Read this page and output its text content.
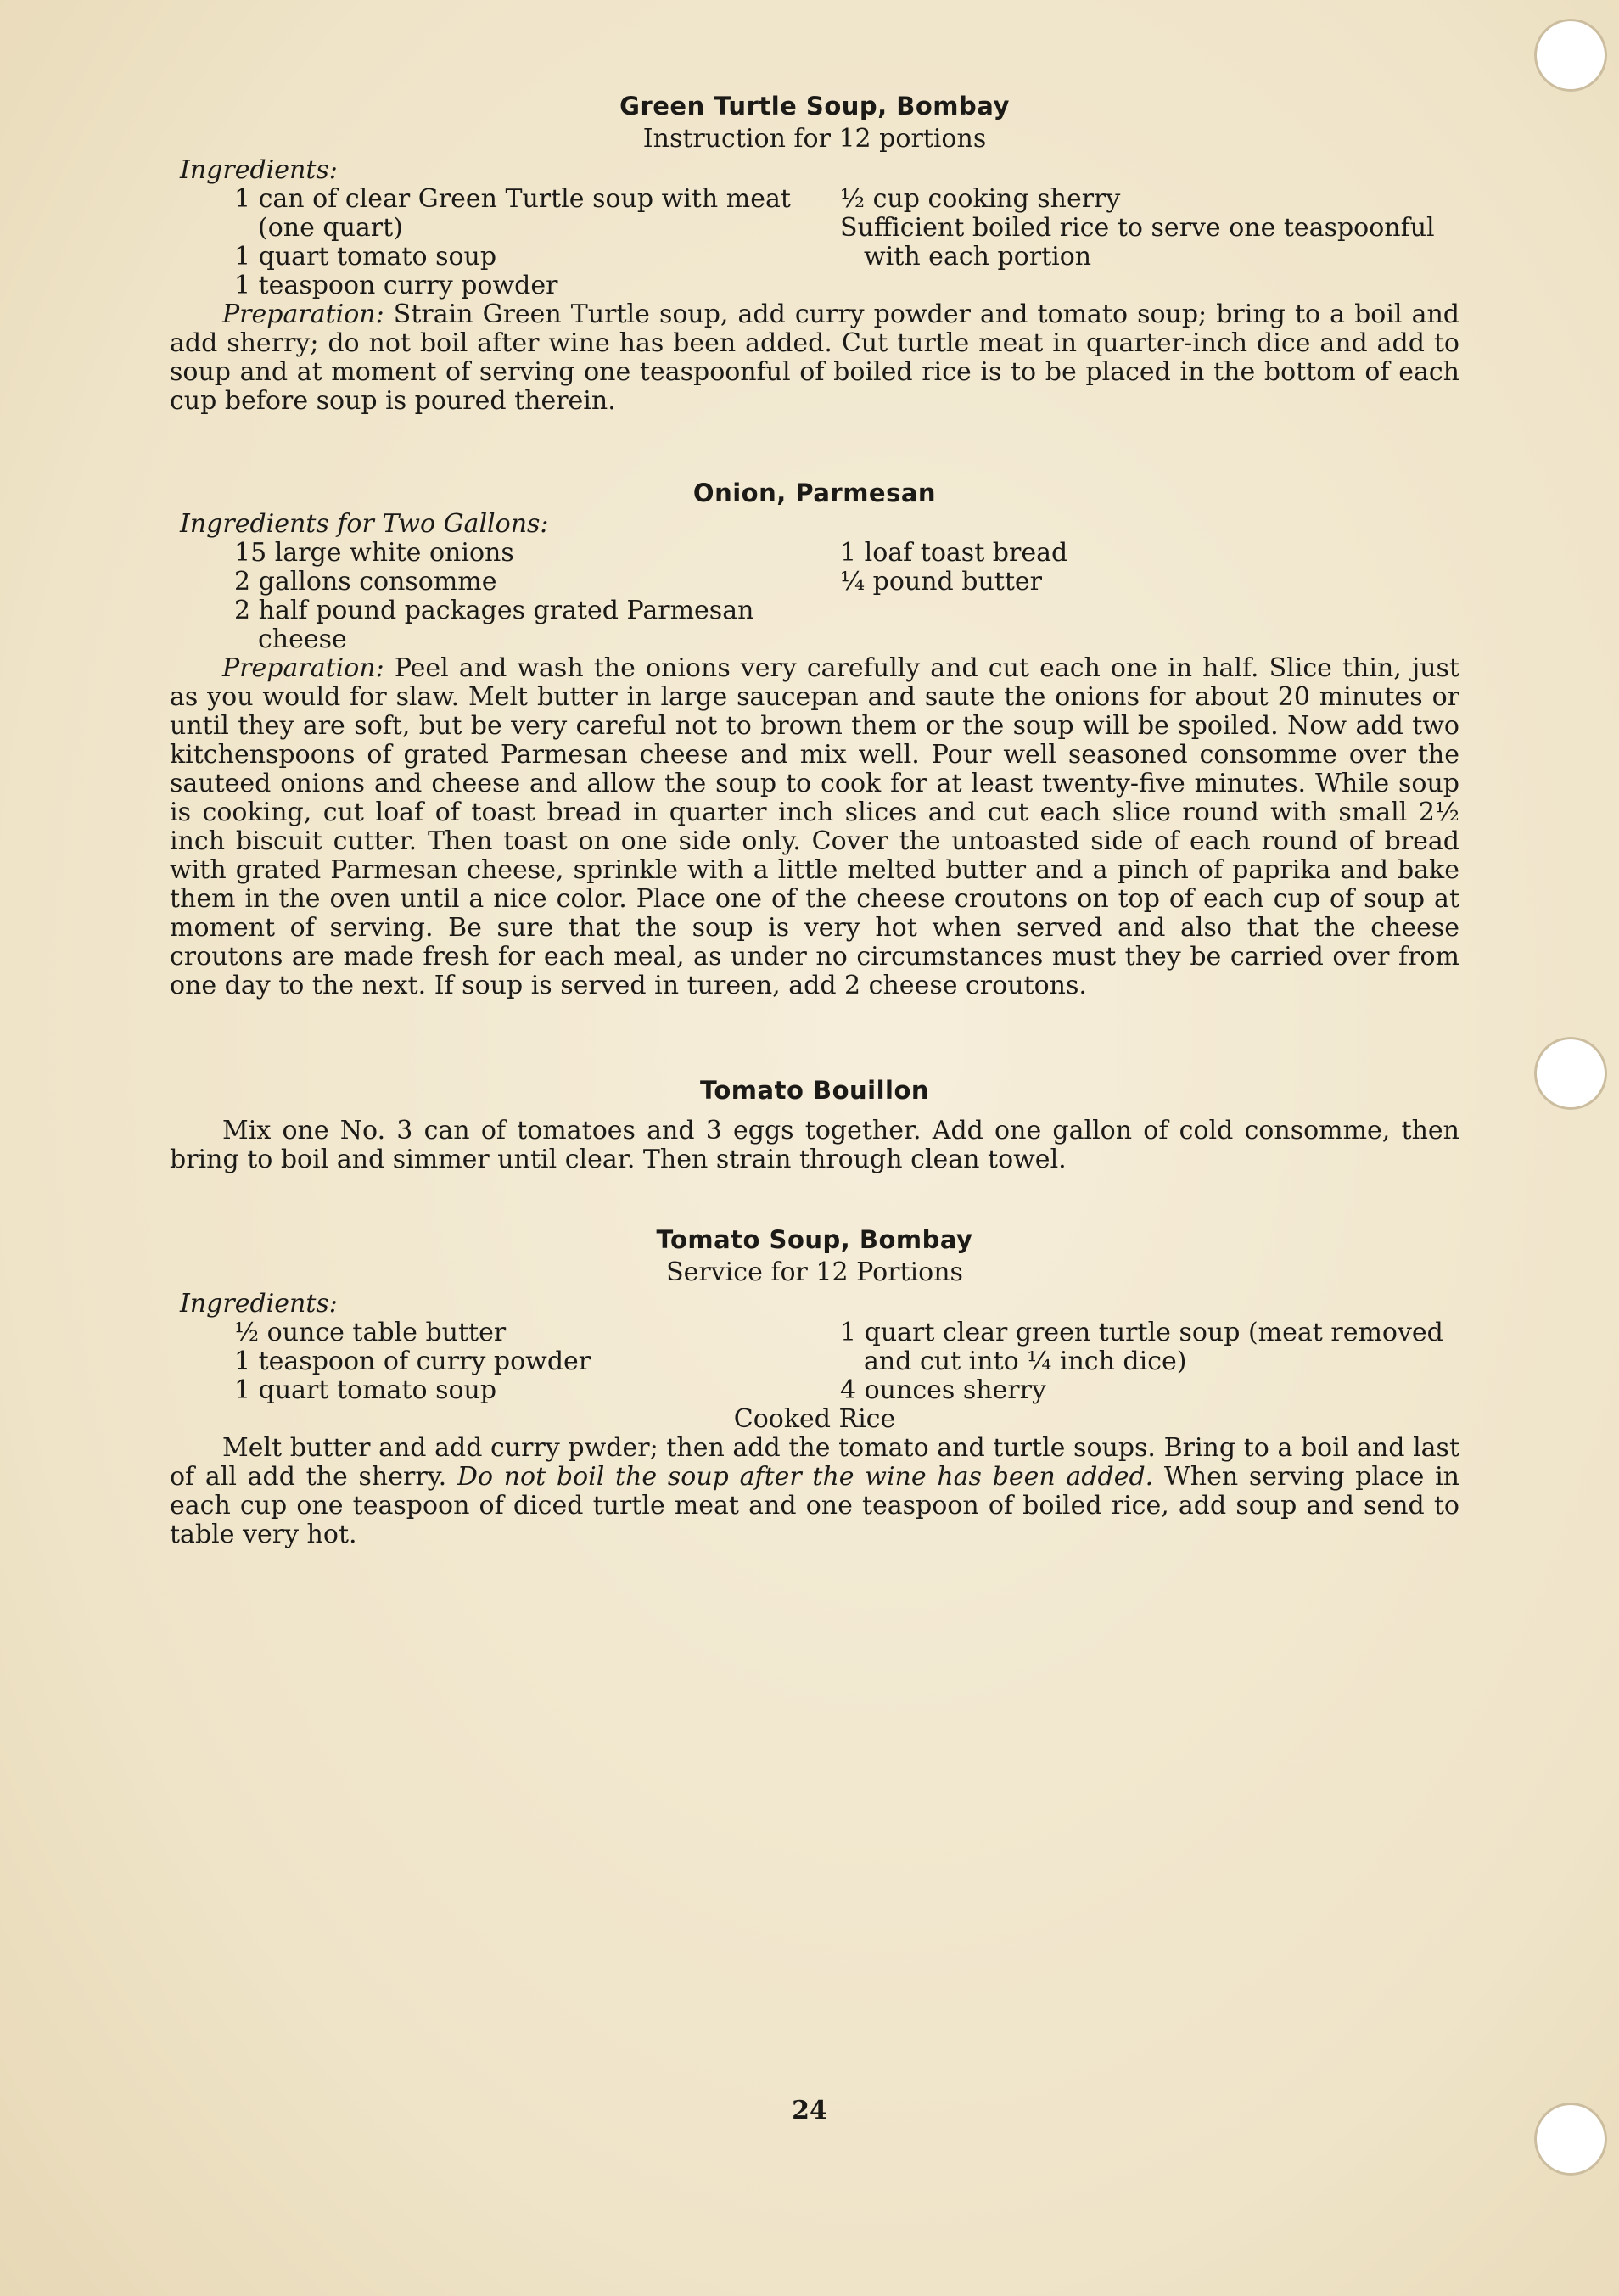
Green Turtle Soup, Bombay

Instruction for 12 portions

Ingredients:
1 can of clear Green Turtle soup with meat (one quart)
1 quart tomato soup
1 teaspoon curry powder
½ cup cooking sherry
Sufficient boiled rice to serve one teaspoonful with each portion

Preparation: Strain Green Turtle soup, add curry powder and tomato soup; bring to a boil and add sherry; do not boil after wine has been added. Cut turtle meat in quarter-inch dice and add to soup and at moment of serving one teaspoonful of boiled rice is to be placed in the bottom of each cup before soup is poured therein.

Onion, Parmesan

Ingredients for Two Gallons:
15 large white onions
2 gallons consomme
2 half pound packages grated Parmesan cheese
1 loaf toast bread
¼ pound butter

Preparation: Peel and wash the onions very carefully and cut each one in half. Slice thin, just as you would for slaw. Melt butter in large saucepan and saute the onions for about 20 minutes or until they are soft, but be very careful not to brown them or the soup will be spoiled. Now add two kitchenspoons of grated Parmesan cheese and mix well. Pour well seasoned consomme over the sauteed onions and cheese and allow the soup to cook for at least twenty-five minutes. While soup is cooking, cut loaf of toast bread in quarter inch slices and cut each slice round with small 2½ inch biscuit cutter. Then toast on one side only. Cover the untoasted side of each round of bread with grated Parmesan cheese, sprinkle with a little melted butter and a pinch of paprika and bake them in the oven until a nice color. Place one of the cheese croutons on top of each cup of soup at moment of serving. Be sure that the soup is very hot when served and also that the cheese croutons are made fresh for each meal, as under no circumstances must they be carried over from one day to the next. If soup is served in tureen, add 2 cheese croutons.

Tomato Bouillon

Mix one No. 3 can of tomatoes and 3 eggs together. Add one gallon of cold consomme, then bring to boil and simmer until clear. Then strain through clean towel.

Tomato Soup, Bombay

Service for 12 Portions

Ingredients:
½ ounce table butter
1 teaspoon of curry powder
1 quart tomato soup
1 quart clear green turtle soup (meat removed and cut into ¼ inch dice)
4 ounces sherry
Cooked Rice

Melt butter and add curry pwder; then add the tomato and turtle soups. Bring to a boil and last of all add the sherry. Do not boil the soup after the wine has been added. When serving place in each cup one teaspoon of diced turtle meat and one teaspoon of boiled rice, add soup and send to table very hot.

24
